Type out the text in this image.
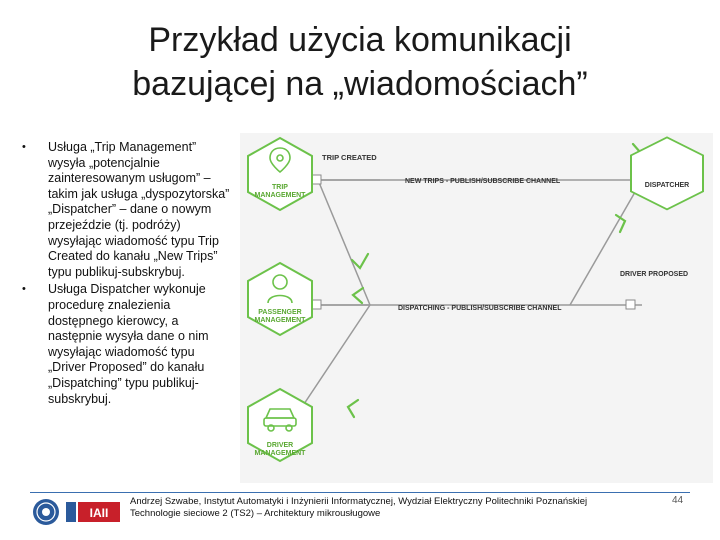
Przykład użycia komunikacji
bazującej na „wiadomościach”
• Usługa „Trip Management” wysyła „potencjalnie zainteresowanym usługom” – takim jak usługa „dyspozytorska” „Dispatcher” – dane o nowym przejeździe (tj. podróży) wysyłając wiadomość typu Trip Created do kanału „New Trips” typu publikuj-subskrybuj.
• Usługa Dispatcher wykonuje procedurę znalezienia dostępnego kierowcy, a następnie wysyła dane o nim wysyłając wiadomość typu „Driver Proposed” do kanału „Dispatching” typu publikuj-subskrybuj.
TRIP
MANAGEMENT
PASSENGER
MANAGEMENT
DRIVER
MANAGEMENT
DISPATCHER
TRIP CREATED
NEW TRIPS - PUBLISH/SUBSCRIBE CHANNEL
DISPATCHING - PUBLISH/SUBSCRIBE CHANNEL
DRIVER PROPOSED
IAII
Andrzej Szwabe, Instytut Automatyki i Inżynierii Informatycznej, Wydział Elektryczny Politechniki Poznańskiej
Technologie sieciowe 2 (TS2) – Architektury mikrousługowe
44
